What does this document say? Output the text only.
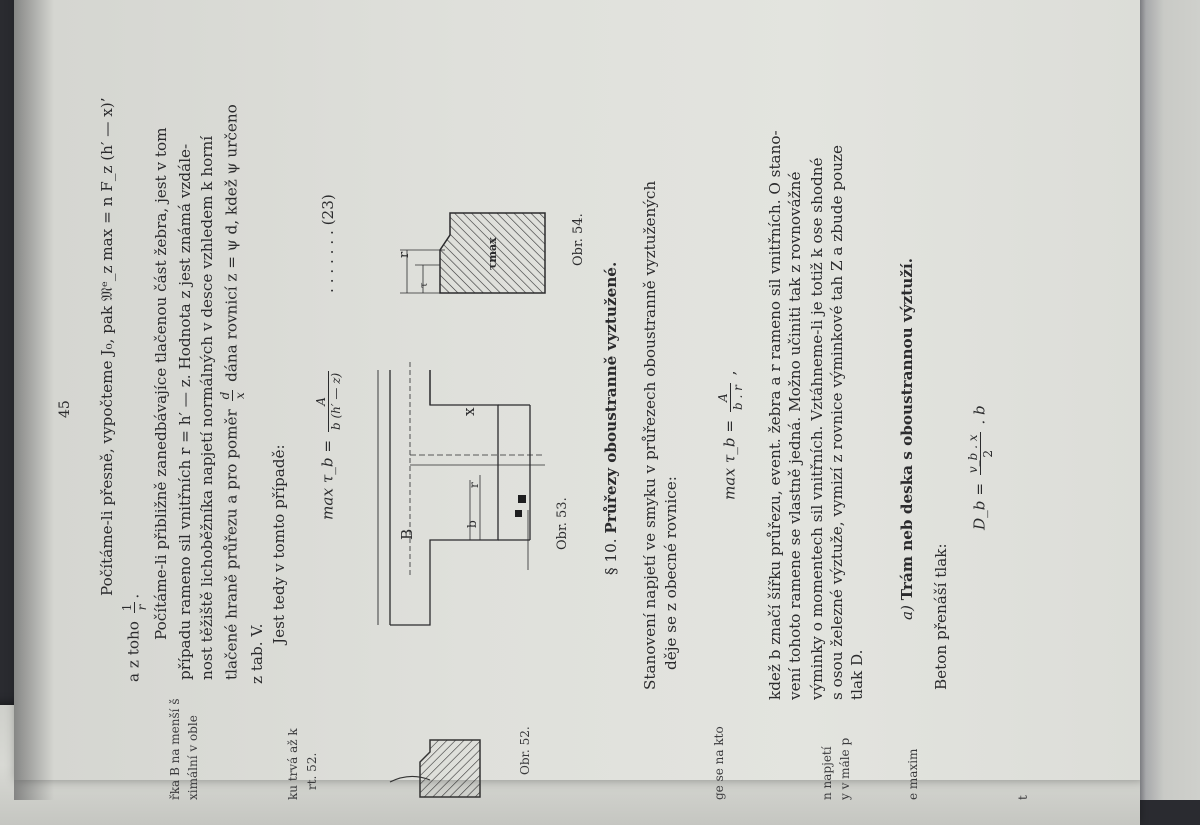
řka B na menší š ximální v oble	ku trvá až k rt. 52.	ge se na kto
Obr. 52.	n napjetí y v mále p	e maxim	t
45 Počítáme-li přesně, vypočteme J₀, pak 𝔐ᵉ_z max = n F_z (h′ — x)’
a z toho
1 r
. Počítáme-li přibližně zanedbávajíce tlačenou část žebra, jest v tom případu rameno sil vnitřních r = h′ — z. Hodnota z jest známá vzdále- nost těžiště lichoběžníka napjetí normálných v desce vzhledem k horní tlačené hraně průřezu a pro poměr
d x
dána rovnicí z = ψ d, kdež ψ určeno
z tab. V.
Jest tedy v tomto případě: max τ_b =
A b (h′ — z)
. . . . . . . (23)
B
b
x
r
r
τ
τmax
Obr. 53.
Obr. 54.
§ 10. Průřezy oboustranně vyztužené. Stanovení napjetí ve smyku v průřezech oboustranně vyztužených děje se z obecné rovnice:
max τ_b =
A b . r
,	kdež b značí šířku průřezu, event. žebra a r rameno sil vnitřních. O stano- vení tohoto ramene se vlastně jedná. Možno učiniti tak z rovnovážné výminky o momentech sil vnitřních. Vztáhneme-li je totiž k ose shodné s osou železné výztuže, vymizí z rovnice výminkové tah Z a zbude pouze tlak D.
a) Trám neb deska s oboustrannou výztuží.
Beton přenáší tlak:
D_b =
v_b . x 2
. b
